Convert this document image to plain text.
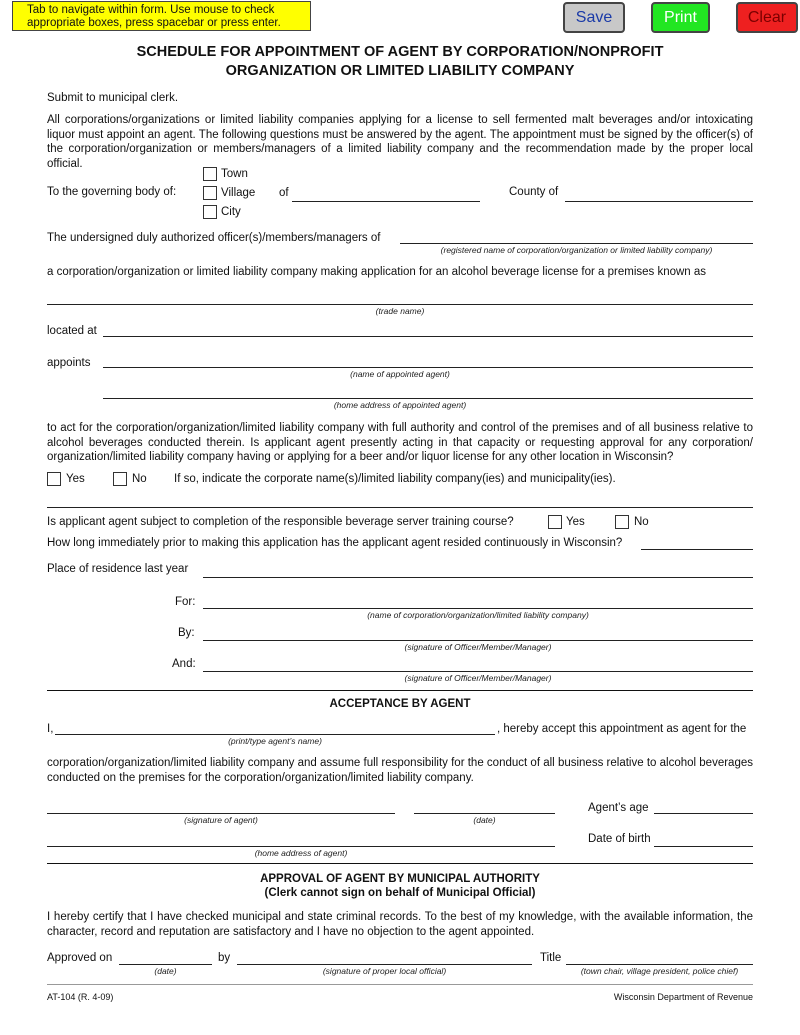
Tab to navigate within form. Use mouse to check
appropriate boxes, press spacebar or press enter.	Save	Print	Clear
SCHEDULE FOR APPOINTMENT OF AGENT BY CORPORATION/NONPROFIT
ORGANIZATION OR LIMITED LIABILITY COMPANY
Submit to municipal clerk.
All corporations/organizations or limited liability companies applying for a license to sell fermented malt beverages and/or intoxicating liquor must appoint an agent. The following questions must be answered by the agent. The appointment must be signed by the officer(s) of the corporation/organization or members/managers of a limited liability company and the recommendation made by the proper local official.
To the governing body of:
Town
Village
City
of	County of
The undersigned duly authorized officer(s)/members/managers of
(registered name of corporation/organization or limited liability company)
a corporation/organization or limited liability company making application for an alcohol beverage license for a premises known as
(trade name)
located at
appoints
(name of appointed agent)
(home address of appointed agent)
to act for the corporation/organization/limited liability company with full authority and control of the premises and of all business relative to alcohol beverages conducted therein. Is applicant agent presently acting in that capacity or requesting approval for any corporation/ organization/limited liability company having or applying for a beer and/or liquor license for any other location in Wisconsin?
Yes	No If so, indicate the corporate name(s)/limited liability company(ies) and municipality(ies).
Is applicant agent subject to completion of the responsible beverage server training course?	Yes	No
How long immediately prior to making this application has the applicant agent resided continuously in Wisconsin?
Place of residence last year
For:
(name of corporation/organization/limited liability company)
By:
(signature of Officer/Member/Manager)
And:
(signature of Officer/Member/Manager)
ACCEPTANCE BY AGENT
I,
(print/type agent’s name)
, hereby accept this appointment as agent for the
corporation/organization/limited liability company and assume full responsibility for the conduct of all business relative to alcohol beverages conducted on the premises for the corporation/organization/limited liability company.
(signature of agent)	(date)
Agent’s age
Date of birth
(home address of agent)
APPROVAL OF AGENT BY MUNICIPAL AUTHORITY
(Clerk cannot sign on behalf of Municipal Official)
I hereby certify that I have checked municipal and state criminal records. To the best of my knowledge, with the available information, the character, record and reputation are satisfactory and I have no objection to the agent appointed.
Approved on
(date)
by
(signature of proper local official)
Title
(town chair, village president, police chief)
AT-104 (R. 4-09)	Wisconsin Department of Revenue
